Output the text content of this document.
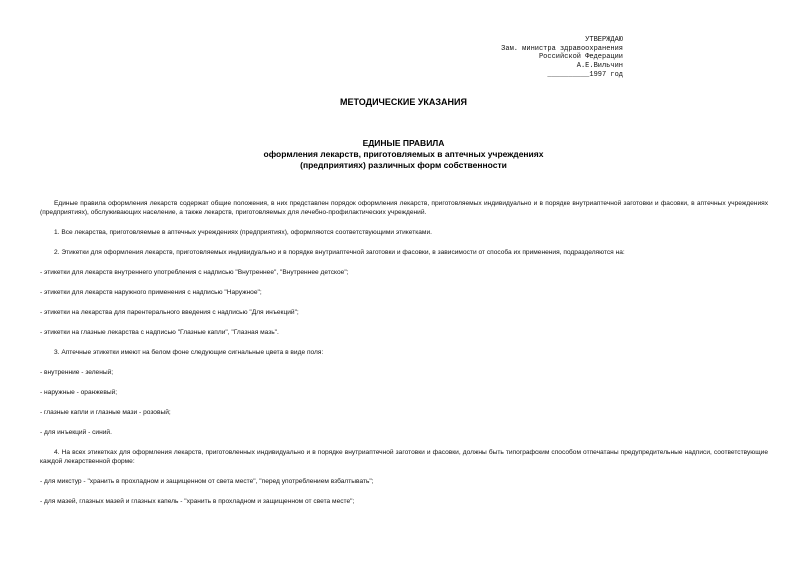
УТВЕРЖДАЮ
Зам. министра здравоохранения
Российской Федерации
А.Е.Вильчин
__________1997 год
МЕТОДИЧЕСКИЕ УКАЗАНИЯ
ЕДИНЫЕ ПРАВИЛА
оформления лекарств, приготовляемых в аптечных учреждениях
(предприятиях) различных форм собственности

Единые правила оформления лекарств содержат общие положения, в них представлен порядок оформления лекарств, приготовляемых индивидуально и в порядке внутриаптечной заготовки и фасовки, в аптечных учреждениях (предприятиях), обслуживающих население, а также лекарств, приготовляемых для лечебно-профилактических учреждений.

1. Все лекарства, приготовляемые в аптечных учреждениях (предприятиях), оформляются соответствующими этикетками.

2. Этикетки для оформления лекарств, приготовляемых индивидуально и в порядке внутриаптечной заготовки и фасовки, в зависимости от способа их применения, подразделяются на:

- этикетки для лекарств внутреннего употребления с надписью "Внутреннее", "Внутреннее детское";

- этикетки для лекарств наружного применения с надписью "Наружное";

- этикетки на лекарства для парентерального введения с надписью "Для инъекций";

- этикетки на глазные лекарства с надписью "Глазные капли", "Глазная мазь".

3. Аптечные этикетки имеют на белом фоне следующие сигнальные цвета в виде поля:

- внутренние - зеленый;

- наружные - оранжевый;

- глазные капли и глазные мази - розовый;

- для инъекций - синий.

4. На всех этикетках для оформления лекарств, приготовленных индивидуально и в порядке внутриаптечной заготовки и фасовки, должны быть типографским способом отпечатаны предупредительные надписи, соответствующие каждой лекарственной форме:

- для микстур - "хранить в прохладном и защищенном от света месте", "перед употреблением взбалтывать";

- для мазей, глазных мазей и глазных капель - "хранить в прохладном и защищенном от света месте";
